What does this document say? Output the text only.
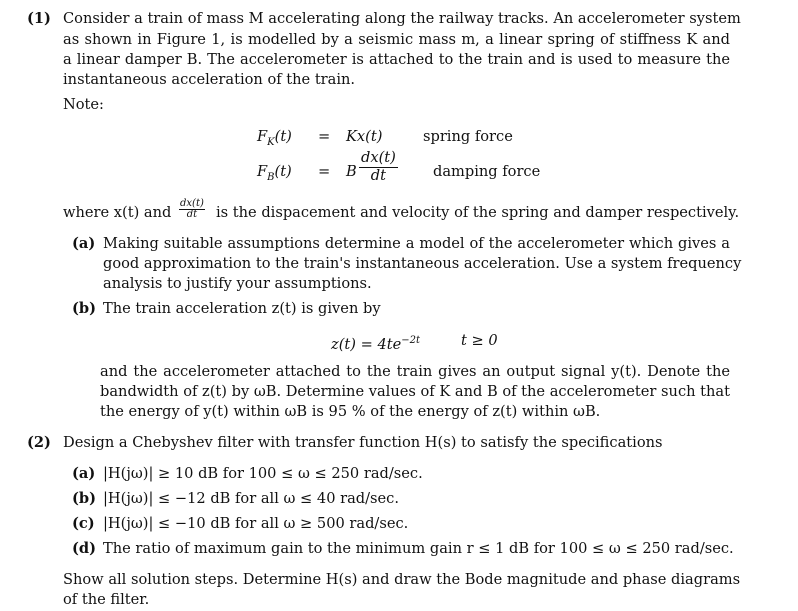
(1) Consider a train of mass M accelerating along the railway tracks. An accelerometer system
as shown in Figure 1, is modelled by a seismic mass m, a linear spring of stiffness K and
a linear damper B. The accelerometer is attached to the train and is used to measure the
instantaneous acceleration of the train.
Note:
$F_K(t) = Kx(t)$	spring force
$F_B(t) = B \frac{dx(t)}{dt}$ damping force
where x(t) and $\frac{dx(t)}{dt}$ is the dispacement and velocity of the spring and damper respectively.
(a) Making suitable assumptions determine a model of the accelerometer which gives a
good approximation to the train's instantaneous acceleration. Use a system frequency
analysis to justify your assumptions.
(b) The train acceleration z(t) is given by
$z(t) = 4te^{-2t}$	t ≥ 0
and the accelerometer attached to the train gives an output signal y(t). Denote the
bandwidth of z(t) by ωB. Determine values of K and B of the accelerometer such that
the energy of y(t) within ωB is 95 % of the energy of z(t) within ωB.
(2) Design a Chebyshev filter with transfer function H(s) to satisfy the specifications
(a) |H(jω)| ≥ 10 dB for 100 ≤ ω ≤ 250 rad/sec.
(b) |H(jω)| ≤ −12 dB for all ω ≤ 40 rad/sec.
(c) |H(jω)| ≤ −10 dB for all ω ≥ 500 rad/sec.
(d) The ratio of maximum gain to the minimum gain r ≤ 1 dB for 100 ≤ ω ≤ 250 rad/sec.
Show all solution steps. Determine H(s) and draw the Bode magnitude and phase diagrams
of the filter.
